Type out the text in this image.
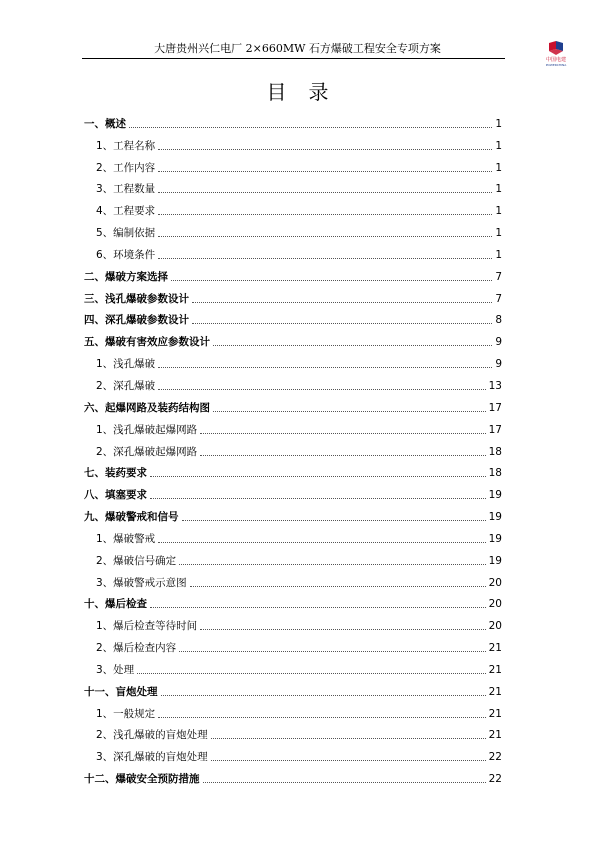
大唐贵州兴仁电厂 2×660MW 石方爆破工程安全专项方案
中国电建
POWERCHINA
目录
一、概述	1
1、工程名称	1
2、工作内容	1
3、工程数量	1
4、工程要求	1
5、编制依据	1
6、环境条件	1
二、爆破方案选择	7
三、浅孔爆破参数设计	7
四、深孔爆破参数设计	8
五、爆破有害效应参数设计	9
1、浅孔爆破	9
2、深孔爆破	13
六、起爆网路及装药结构图	17
1、浅孔爆破起爆网路	17
2、深孔爆破起爆网路	18
七、装药要求	18
八、填塞要求	19
九、爆破警戒和信号	19
1、爆破警戒	19
2、爆破信号确定	19
3、爆破警戒示意图	20
十、爆后检查	20
1、爆后检查等待时间	20
2、爆后检查内容	21
3、处理	21
十一、盲炮处理	21
1、一般规定	21
2、浅孔爆破的盲炮处理	21
3、深孔爆破的盲炮处理	22
十二、爆破安全预防措施	22
